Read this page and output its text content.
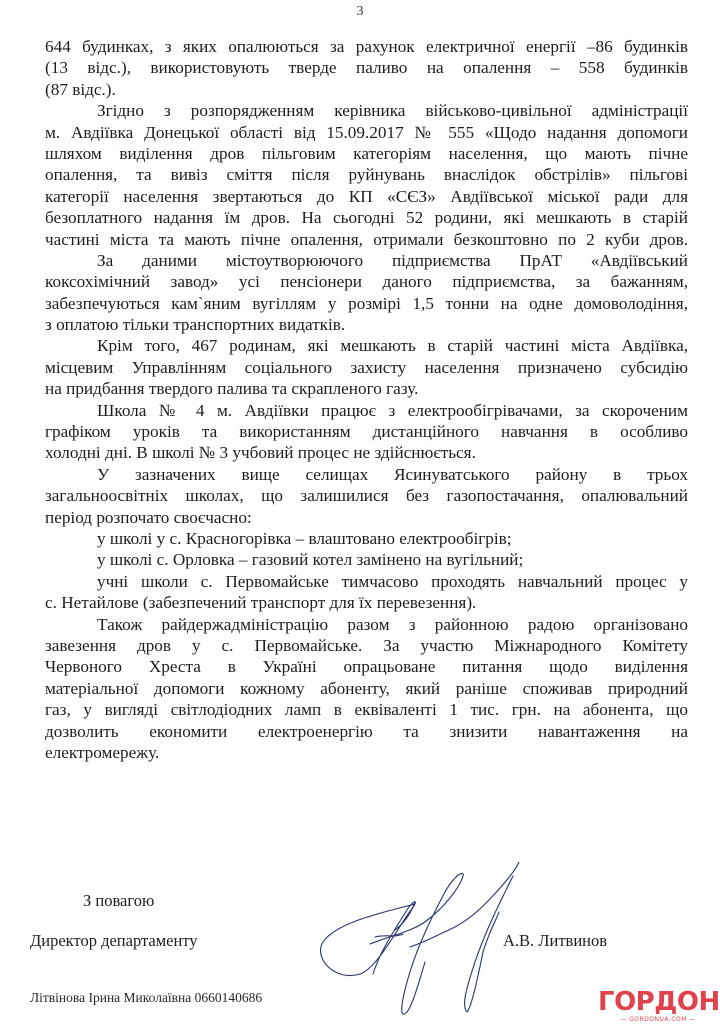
3
644 будинках, з яких опалюються за рахунок електричної енергії –86 будинків
(13 відс.), використовують тверде паливо на опалення – 558 будинків
(87 відс.).
Згідно з розпорядженням керівника військово-цивільної адміністрації
м. Авдіївка Донецької області від 15.09.2017 № 555 «Щодо надання допомоги
шляхом виділення дров пільговим категоріям населення, що мають пічне
опалення, та вивіз сміття після руйнувань внаслідок обстрілів» пільгові
категорії населення звертаються до КП «СЄЗ» Авдіївської міської ради для
безоплатного надання їм дров. На сьогодні 52 родини, які мешкають в старій
частині міста та мають пічне опалення, отримали безкоштовно по 2 куби дров.
За даними містоутворюючого підприємства ПрАТ «Авдіївський
коксохімічний завод» усі пенсіонери даного підприємства, за бажанням,
забезпечуються кам`яним вугіллям у розмірі 1,5 тонни на одне домоволодіння,
з оплатою тільки транспортних видатків.
Крім того, 467 родинам, які мешкають в старій частині міста Авдіївка,
місцевим Управлінням соціального захисту населення призначено субсидію
на придбання твердого палива та скрапленого газу.
Школа № 4 м. Авдіївки працює з електрообігрівачами, за скороченим
графіком уроків та використанням дистанційного навчання в особливо
холодні дні. В школі № 3 учбовий процес не здійснюється.
У зазначених вище селищах Ясинуватського району в трьох
загальноосвітніх школах, що залишилися без газопостачання, опалювальний
період розпочато своєчасно:
у школі у с. Красногорівка – влаштовано електрообігрів;
у школі с. Орловка – газовий котел замінено на вугільний;
учні школи с. Первомайське тимчасово проходять навчальний процес у
с. Нетайлове (забезпечений транспорт для їх перевезення).
Також райдержадміністрацію разом з районною радою організовано
завезення дров у с. Первомайське. За участю Міжнародного Комітету
Червоного Хреста в Україні опрацьоване питання щодо виділення
матеріальної допомоги кожному абоненту, який раніше споживав природний
газ, у вигляді світлодіодних ламп в еквіваленті 1 тис. грн. на абонента, що
дозволить економити електроенергію та знизити навантаження на
електромережу.
З повагою
Директор департаменту	А.В. Литвинов
Літвінова Ірина Миколаївна 0660140686	ГОРДОН
— GORDONUA.COM —
